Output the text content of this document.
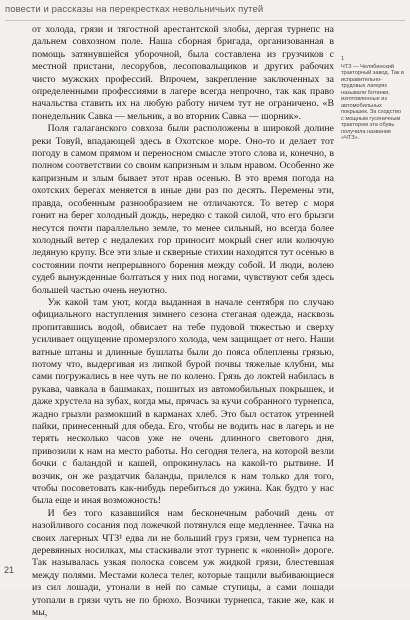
повести и рассказы на перекрестках невольничьих путей

от холода, грязи и тягостной арестантской злобы, дергая турнепс на дальнем совхозном поле. Наша сборная бригада, организованная в помощь затянувшейся уборочной, была составлена из грузчиков с местной пристани, лесорубов, лесоповальщиков и других рабочих чисто мужских профессий. Впрочем, закрепление заключенных за определенными профессиями в лагере всегда непрочно, так как право начальства ставить их на любую работу ничем тут не ограничено. «В понедельник Савка — мельник, а во вторник Савка — шорник».

Поля галаганского совхоза были расположены в широкой долине реки Товуй, впадающей здесь в Охотское море. Оно-то и делает тот погоду в самом прямом и переносном смысле этого слова и, конечно, в полном соответствии со своим капризным и злым нравом. Особенно же капризным и злым бывает этот нрав осенью. В это время погода на охотских берегах меняется в иные дни раз по десять. Перемены эти, правда, особенным разнообразием не отличаются. То ветер с моря гонит на берег холодный дождь, нередко с такой силой, что его брызги несутся почти параллельно земле, то менее сильный, но всегда более холодный ветер с недалеких гор приносит мокрый снег или колючую ледяную крупу. Все эти злые и скверные стихии находятся тут осенью в состоянии почти непрерывного борения между собой. И люди, волею судеб вынужденные болтаться у них под ногами, чувствуют себя здесь большей частью очень неуютно.

Уж какой там уют, когда выданная в начале сентября по случаю официального наступления зимнего сезона стеганая одежда, насквозь пропитавшись водой, обвисает на тебе пудовой тяжестью и сверху усиливает ощущение промерзлого холода, чем защищает от него. Наши ватные штаны и длинные бушлаты были до пояса облеплены грязью, потому что, выдергивая из липкой бурой почвы тяжелые клубни, мы сами погружались в нее чуть не по колено. Грязь до локтей набилась в рукава, чавкала в башмаках, пошитых из автомобильных покрышек, и даже хрустела на зубах, когда мы, прячась за кучи собранного турнепса, жадно грызли размокший в карманах хлеб. Это был остаток утренней пайки, принесенный для обеда. Его, чтобы не водить нас в лагерь и не терять несколько часов уже не очень длинного светового дня, привозили к нам на место работы. Но сегодня телега, на которой везли бочки с баландой и кашей, опрокинулась на какой-то рытвине. И возчик, он же раздатчик баланды, прилелся к нам только для того, чтобы посоветовать как-нибудь перебиться до ужина. Как будто у нас была еще и иная возможность!

И без того казавшийся нам бесконечным рабочий день от назойливого сосания под ложечкой потянулся еще медленнее. Тачка на своих лагерных ЧТЗ¹ едва ли не больший груз грязи, чем турнепса на деревянных носилках, мы стаскивали этот турнепс к «конной» дороге. Так называлась узкая полоска совсем уж жидкой грязи, блестевшая между полями. Местами колеса телег, которые тащили выбивающиеся из сил лошади, утонали в ней по самые ступицы, а сами лошади утопали в грязи чуть не по брюхо. Возчики турнепса, такие же, как и мы,

1
ЧТЗ — Челябинский тракторный завод. Так в исправительно-трудовых лагерях называли ботинки, изготовленные из автомобильных покрышек. За сходство с мощным гусеничным трактором эта обувь получила название «ЧТЗ».
21
